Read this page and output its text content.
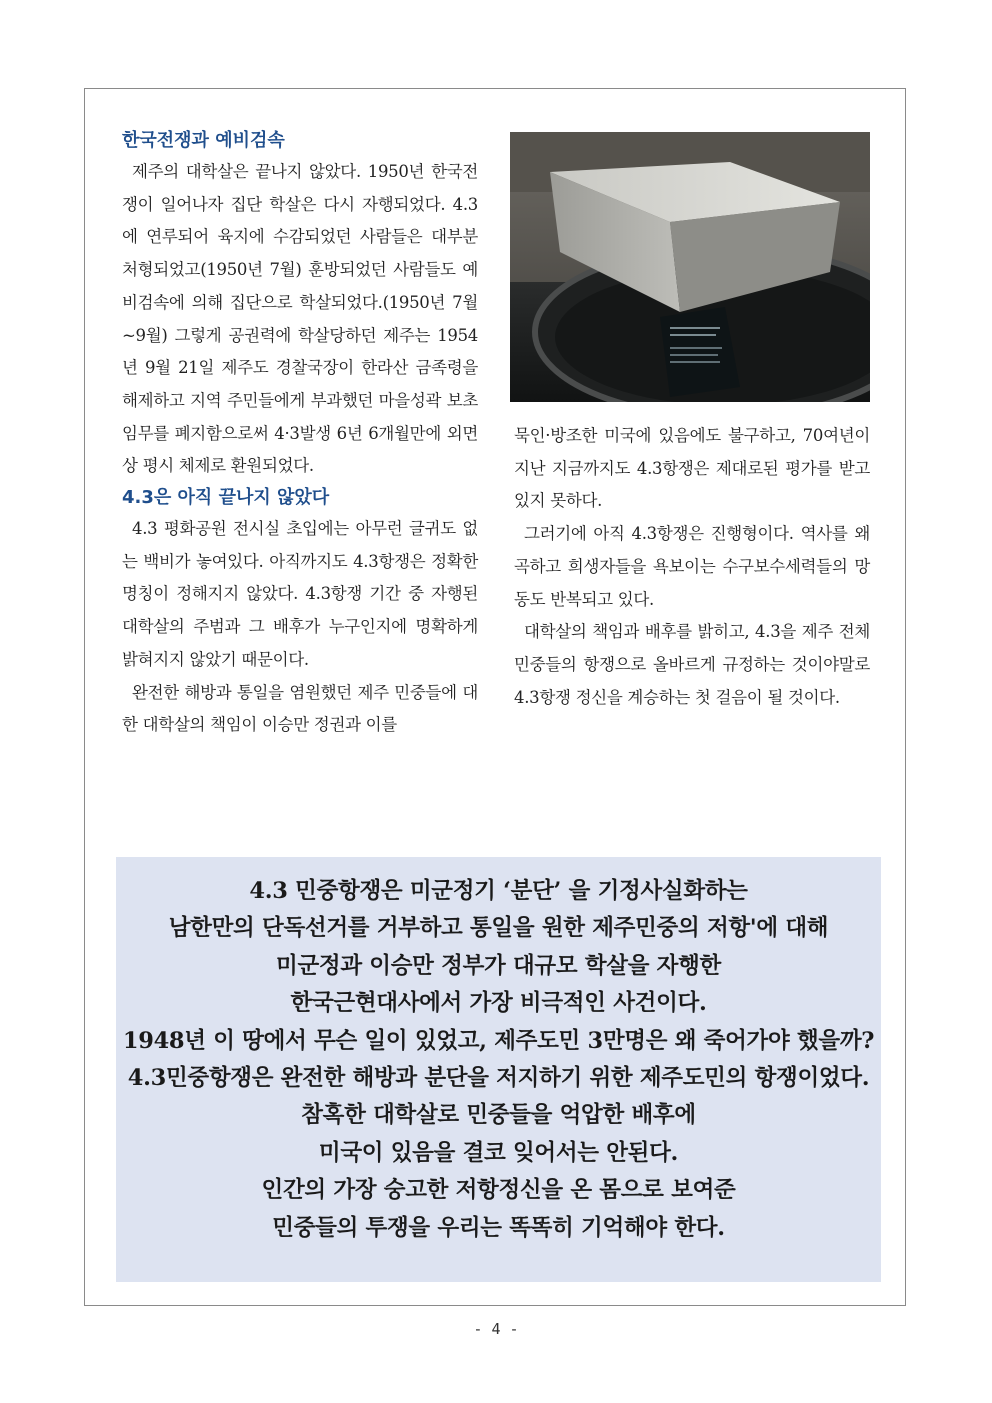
한국전쟁과 예비검속

제주의 대학살은 끝나지 않았다. 1950년 한국전쟁이 일어나자 집단 학살은 다시 자행되었다. 4.3에 연루되어 육지에 수감되었던 사람들은 대부분 처형되었고(1950년 7월) 훈방되었던 사람들도 예비검속에 의해 집단으로 학살되었다.(1950년 7월~9월) 그렇게 공권력에 학살당하던 제주는 1954년 9월 21일 제주도 경찰국장이 한라산 금족령을 해제하고 지역 주민들에게 부과했던 마을성곽 보초 임무를 폐지함으로써 4·3발생 6년 6개월만에 외면상 평시 체제로 환원되었다.

4.3은 아직 끝나지 않았다

4.3 평화공원 전시실 초입에는 아무런 글귀도 없는 백비가 놓여있다. 아직까지도 4.3항쟁은 정확한 명칭이 정해지지 않았다. 4.3항쟁 기간 중 자행된 대학살의 주범과 그 배후가 누구인지에 명확하게 밝혀지지 않았기 때문이다.

완전한 해방과 통일을 염원했던 제주 민중들에 대한 대학살의 책임이 이승만 정권과 이를

묵인·방조한 미국에 있음에도 불구하고, 70여년이 지난 지금까지도 4.3항쟁은 제대로된 평가를 받고 있지 못하다.

그러기에 아직 4.3항쟁은 진행형이다. 역사를 왜곡하고 희생자들을 욕보이는 수구보수세력들의 망동도 반복되고 있다.

대학살의 책임과 배후를 밝히고, 4.3을 제주 전체 민중들의 항쟁으로 올바르게 규정하는 것이야말로 4.3항쟁 정신을 계승하는 첫 걸음이 될 것이다.

4.3 민중항쟁은 미군정기 ‘분단’ 을 기정사실화하는
남한만의 단독선거를 거부하고 통일을 원한 제주민중의 저항'에 대해
미군정과 이승만 정부가 대규모 학살을 자행한
한국근현대사에서 가장 비극적인 사건이다.
1948년 이 땅에서 무슨 일이 있었고, 제주도민 3만명은 왜 죽어가야 했을까?
4.3민중항쟁은 완전한 해방과 분단을 저지하기 위한 제주도민의 항쟁이었다.
참혹한 대학살로 민중들을 억압한 배후에
미국이 있음을 결코 잊어서는 안된다.
인간의 가장 숭고한 저항정신을 온 몸으로 보여준
민중들의 투쟁을 우리는 똑똑히 기억해야 한다.
- 4 -
